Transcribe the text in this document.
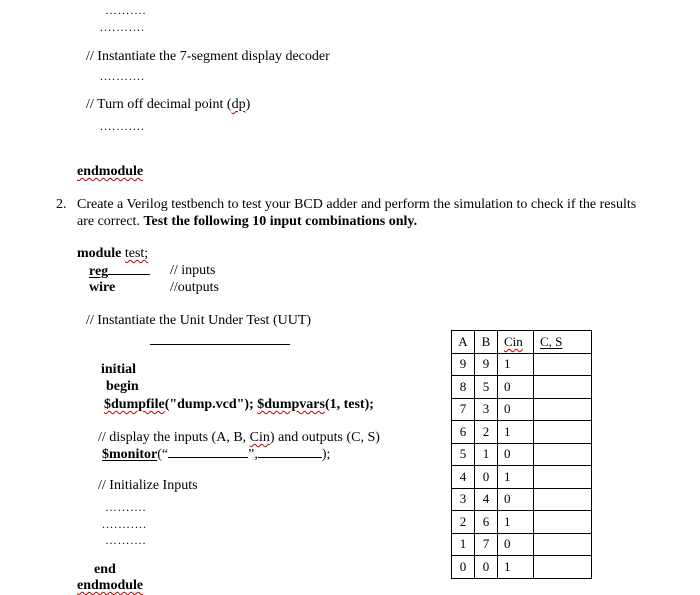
……….
.……….
// Instantiate the 7-segment display decoder
.……….
// Turn off decimal point (dp)
.……….
endmodule
2. Create a Verilog testbench to test your BCD adder and perform the simulation to check if the results
are correct. Test the following 10 input combinations only.
module test;
reg	// inputs
wire	//outputs
// Instantiate the Unit Under Test (UUT)
initial
begin
$dumpfile("dump.vcd"); $dumpvars(1, test);
// display the inputs (A, B, Cin) and outputs (C, S)
$monitor(“	”,	);
// Initialize Inputs
……….
.……….
……….
end
endmodule
A	B	Cin	C, S
9	9	1	
8	5	0	
7	3	0	
6	2	1	
5	1	0	
4	0	1	
3	4	0	
2	6	1	
1	7	0	
0	0	1	
